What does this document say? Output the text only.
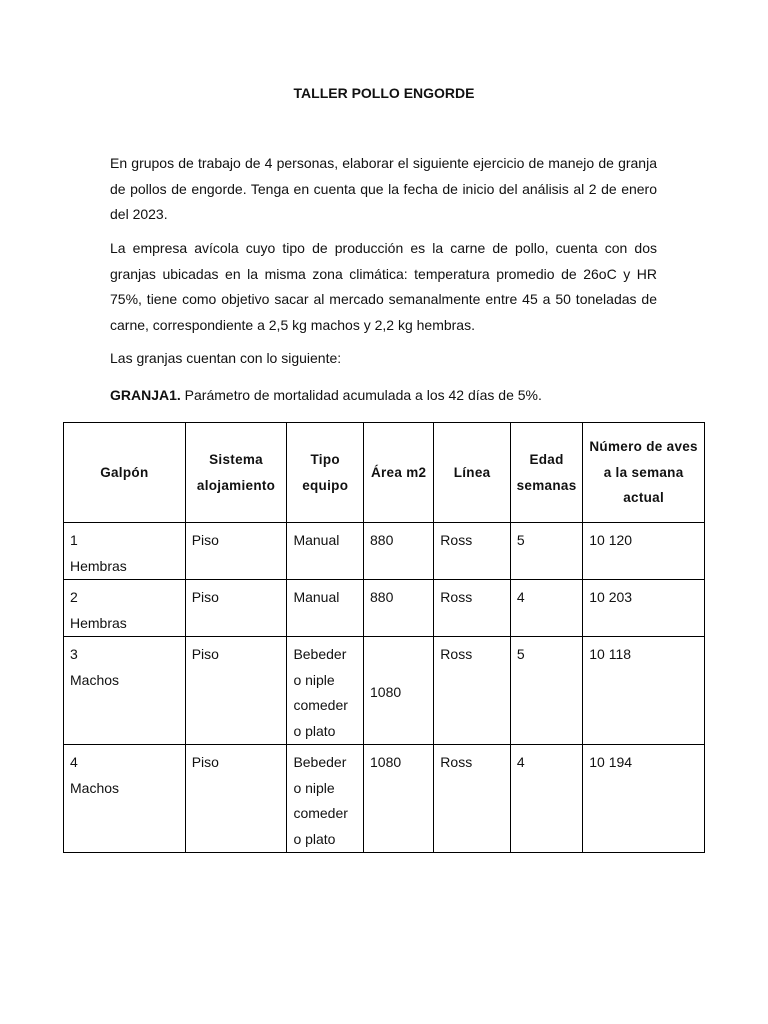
TALLER POLLO ENGORDE

En grupos de trabajo de 4 personas, elaborar el siguiente ejercicio de manejo de granja de pollos de engorde. Tenga en cuenta que la fecha de inicio del análisis al 2 de enero del 2023.

La empresa avícola cuyo tipo de producción es la carne de pollo, cuenta con dos granjas ubicadas en la misma zona climática: temperatura promedio de 26oC y HR 75%, tiene como objetivo sacar al mercado semanalmente entre 45 a 50 toneladas de carne, correspondiente a 2,5 kg machos y 2,2 kg hembras.

Las granjas cuentan con lo siguiente:

GRANJA1. Parámetro de mortalidad acumulada a los 42 días de 5%.

Galpón	Sistema alojamiento	Tipo equipo	Área m2	Línea	Edad semanas	Número de aves a la semana actual

1
Hembras	Piso	Manual	880	Ross	5	10 120

2
Hembras	Piso	Manual	880	Ross	4	10 203

3
Machos	Piso	Bebeder o niple comeder o plato	1080	Ross	5	10 118

4
Machos	Piso	Bebeder o niple comeder o plato	1080	Ross	4	10 194
